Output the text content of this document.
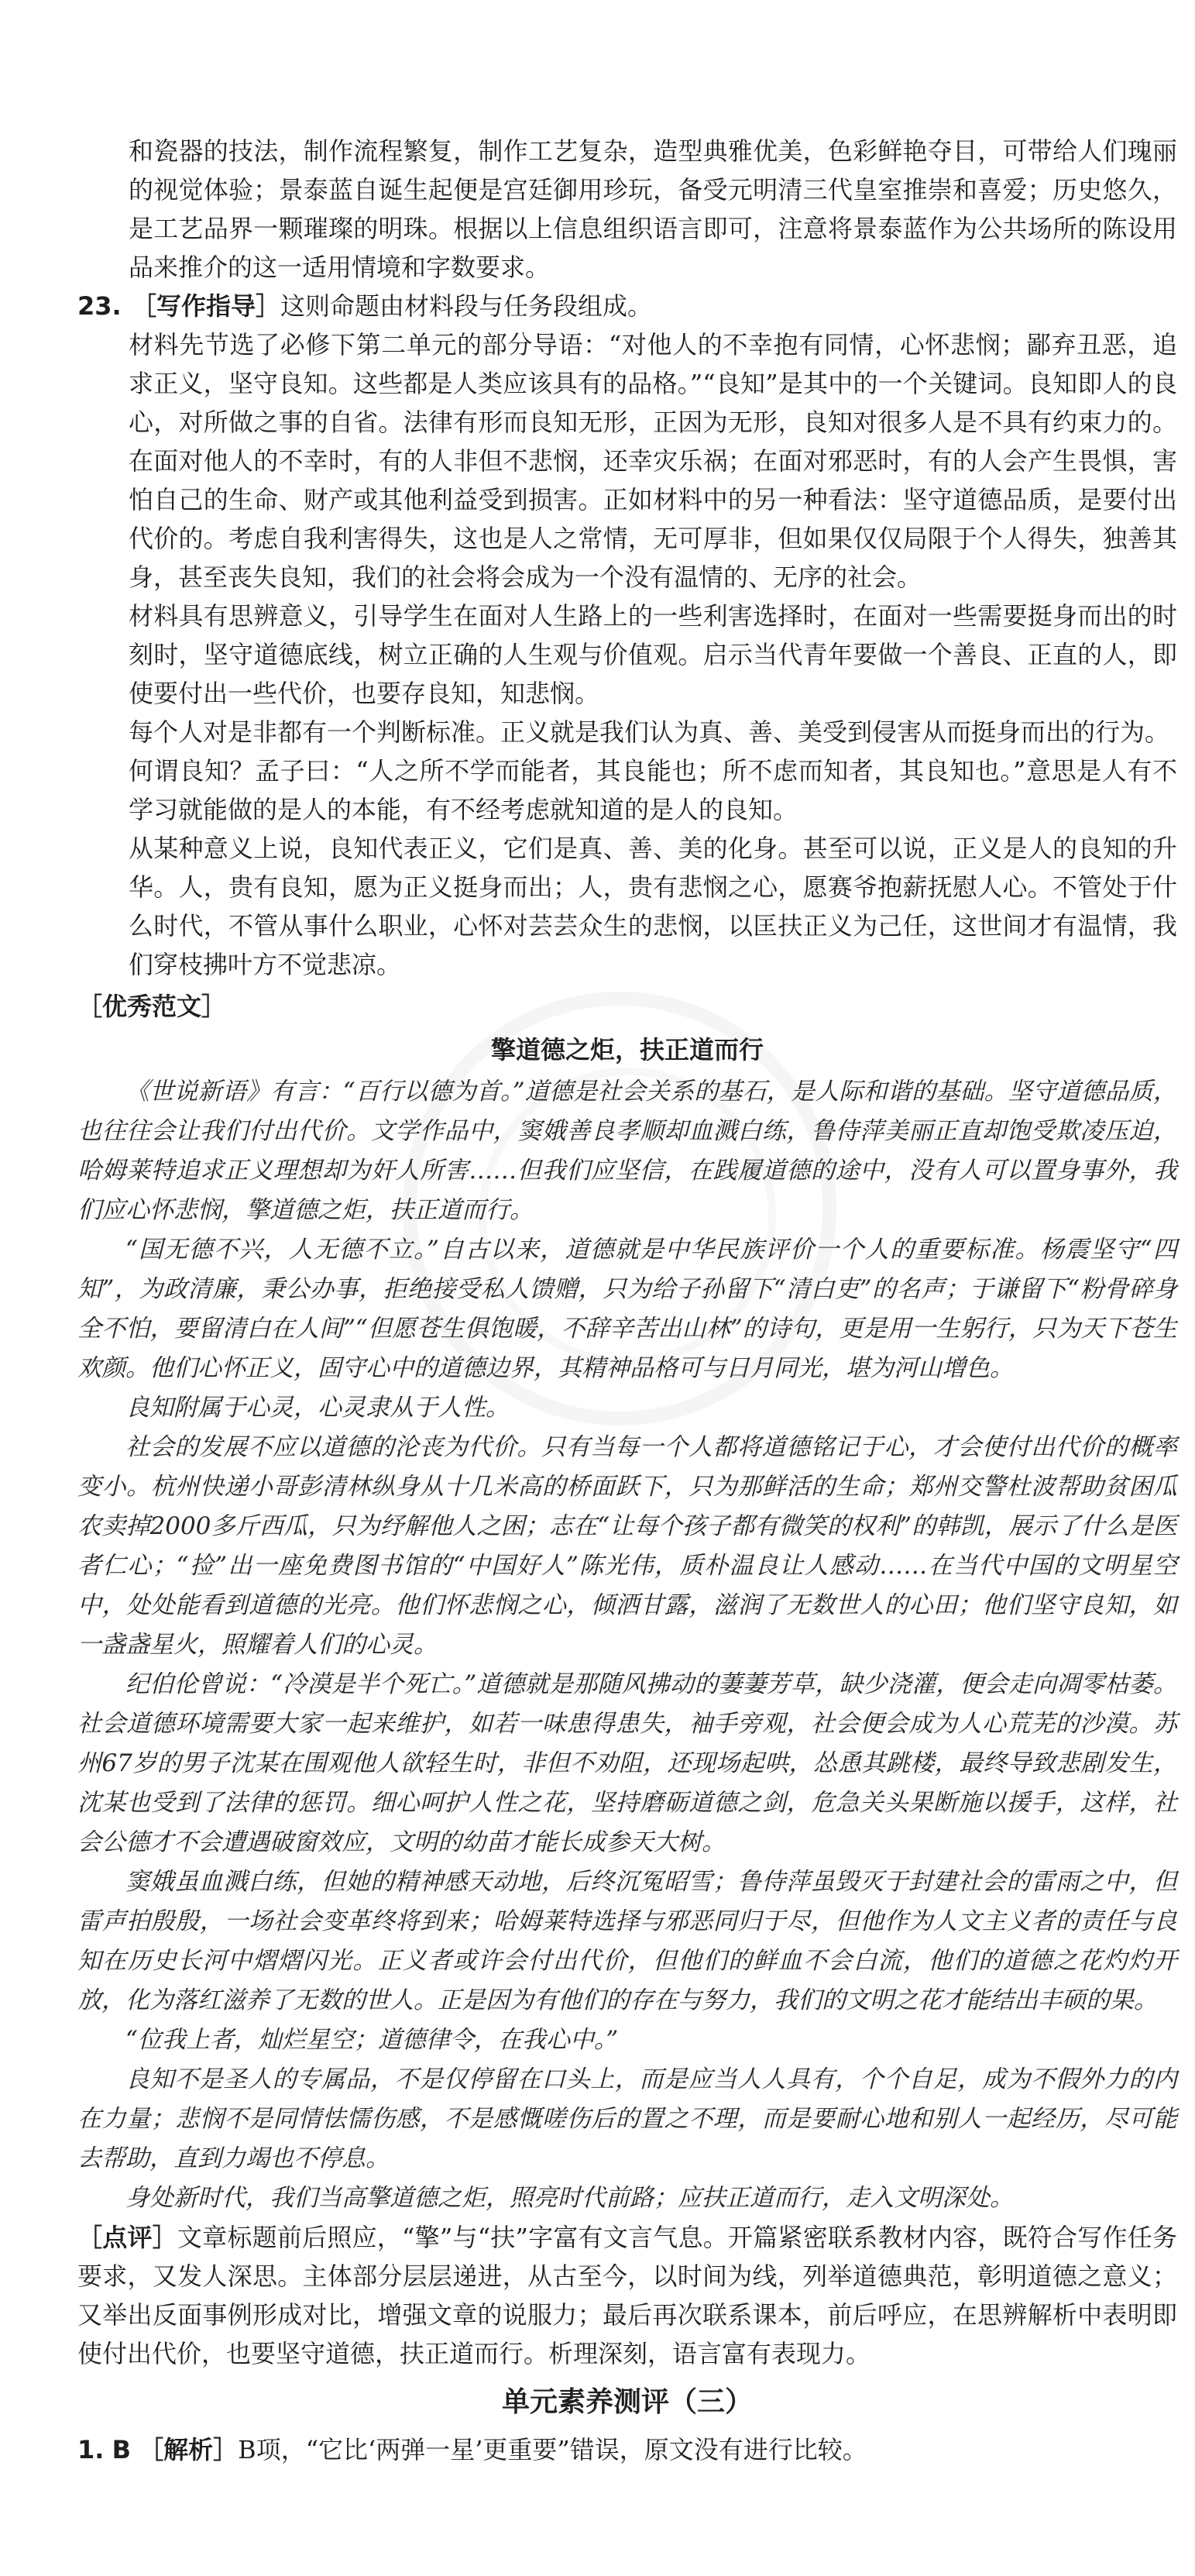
和瓷器的技法，制作流程繁复，制作工艺复杂，造型典雅优美，色彩鲜艳夺目，可带给人们瑰丽的视觉体验；景泰蓝自诞生起便是宫廷御用珍玩，备受元明清三代皇室推崇和喜爱；历史悠久，是工艺品界一颗璀璨的明珠。根据以上信息组织语言即可，注意将景泰蓝作为公共场所的陈设用品来推介的这一适用情境和字数要求。

23. ［写作指导］这则命题由材料段与任务段组成。

材料先节选了必修下第二单元的部分导语：“对他人的不幸抱有同情，心怀悲悯；鄙弃丑恶，追求正义，坚守良知。这些都是人类应该具有的品格。”“良知”是其中的一个关键词。良知即人的良心，对所做之事的自省。法律有形而良知无形，正因为无形，良知对很多人是不具有约束力的。在面对他人的不幸时，有的人非但不悲悯，还幸灾乐祸；在面对邪恶时，有的人会产生畏惧，害怕自己的生命、财产或其他利益受到损害。正如材料中的另一种看法：坚守道德品质，是要付出代价的。考虑自我利害得失，这也是人之常情，无可厚非，但如果仅仅局限于个人得失，独善其身，甚至丧失良知，我们的社会将会成为一个没有温情的、无序的社会。

材料具有思辨意义，引导学生在面对人生路上的一些利害选择时，在面对一些需要挺身而出的时刻时，坚守道德底线，树立正确的人生观与价值观。启示当代青年要做一个善良、正直的人，即使要付出一些代价，也要存良知，知悲悯。

每个人对是非都有一个判断标准。正义就是我们认为真、善、美受到侵害从而挺身而出的行为。

何谓良知？孟子曰：“人之所不学而能者，其良能也；所不虑而知者，其良知也。”意思是人有不学习就能做的是人的本能，有不经考虑就知道的是人的良知。

从某种意义上说，良知代表正义，它们是真、善、美的化身。甚至可以说，正义是人的良知的升华。人，贵有良知，愿为正义挺身而出；人，贵有悲悯之心，愿赛爷抱薪抚慰人心。不管处于什么时代，不管从事什么职业，心怀对芸芸众生的悲悯，以匡扶正义为己任，这世间才有温情，我们穿枝拂叶方不觉悲凉。

［优秀范文］

擎道德之炬，扶正道而行

《世说新语》有言：“百行以德为首。”道德是社会关系的基石，是人际和谐的基础。坚守道德品质，也往往会让我们付出代价。文学作品中，窦娥善良孝顺却血溅白练，鲁侍萍美丽正直却饱受欺凌压迫，哈姆莱特追求正义理想却为奸人所害……但我们应坚信，在践履道德的途中，没有人可以置身事外，我们应心怀悲悯，擎道德之炬，扶正道而行。

“国无德不兴，人无德不立。”自古以来，道德就是中华民族评价一个人的重要标准。杨震坚守“四知”，为政清廉，秉公办事，拒绝接受私人馈赠，只为给子孙留下“清白吏”的名声；于谦留下“粉骨碎身全不怕，要留清白在人间”“但愿苍生俱饱暖，不辞辛苦出山林”的诗句，更是用一生躬行，只为天下苍生欢颜。他们心怀正义，固守心中的道德边界，其精神品格可与日月同光，堪为河山增色。

良知附属于心灵，心灵隶从于人性。

社会的发展不应以道德的沦丧为代价。只有当每一个人都将道德铭记于心，才会使付出代价的概率变小。杭州快递小哥彭清林纵身从十几米高的桥面跃下，只为那鲜活的生命；郑州交警杜波帮助贫困瓜农卖掉2000多斤西瓜，只为纾解他人之困；志在“让每个孩子都有微笑的权利”的韩凯，展示了什么是医者仁心；“捡”出一座免费图书馆的“中国好人”陈光伟，质朴温良让人感动……在当代中国的文明星空中，处处能看到道德的光亮。他们怀悲悯之心，倾洒甘露，滋润了无数世人的心田；他们坚守良知，如一盏盏星火，照耀着人们的心灵。

纪伯伦曾说：“冷漠是半个死亡。”道德就是那随风拂动的萋萋芳草，缺少浇灌，便会走向凋零枯萎。社会道德环境需要大家一起来维护，如若一味患得患失，袖手旁观，社会便会成为人心荒芜的沙漠。苏州67岁的男子沈某在围观他人欲轻生时，非但不劝阻，还现场起哄，怂恿其跳楼，最终导致悲剧发生，沈某也受到了法律的惩罚。细心呵护人性之花，坚持磨砺道德之剑，危急关头果断施以援手，这样，社会公德才不会遭遇破窗效应，文明的幼苗才能长成参天大树。

窦娥虽血溅白练，但她的精神感天动地，后终沉冤昭雪；鲁侍萍虽毁灭于封建社会的雷雨之中，但雷声拍殷殷，一场社会变革终将到来；哈姆莱特选择与邪恶同归于尽，但他作为人文主义者的责任与良知在历史长河中熠熠闪光。正义者或许会付出代价，但他们的鲜血不会白流，他们的道德之花灼灼开放，化为落红滋养了无数的世人。正是因为有他们的存在与努力，我们的文明之花才能结出丰硕的果。

“位我上者，灿烂星空；道德律令，在我心中。”

良知不是圣人的专属品，不是仅停留在口头上，而是应当人人具有，个个自足，成为不假外力的内在力量；悲悯不是同情怯懦伤感，不是感慨嗟伤后的置之不理，而是要耐心地和别人一起经历，尽可能去帮助，直到力竭也不停息。

身处新时代，我们当高擎道德之炬，照亮时代前路；应扶正道而行，走入文明深处。

［点评］文章标题前后照应，“擎”与“扶”字富有文言气息。开篇紧密联系教材内容，既符合写作任务要求，又发人深思。主体部分层层递进，从古至今，以时间为线，列举道德典范，彰明道德之意义；又举出反面事例形成对比，增强文章的说服力；最后再次联系课本，前后呼应，在思辨解析中表明即使付出代价，也要坚守道德，扶正道而行。析理深刻，语言富有表现力。

单元素养测评（三）

1. B ［解析］B项，“它比‘两弹一星’更重要”错误，原文没有进行比较。
